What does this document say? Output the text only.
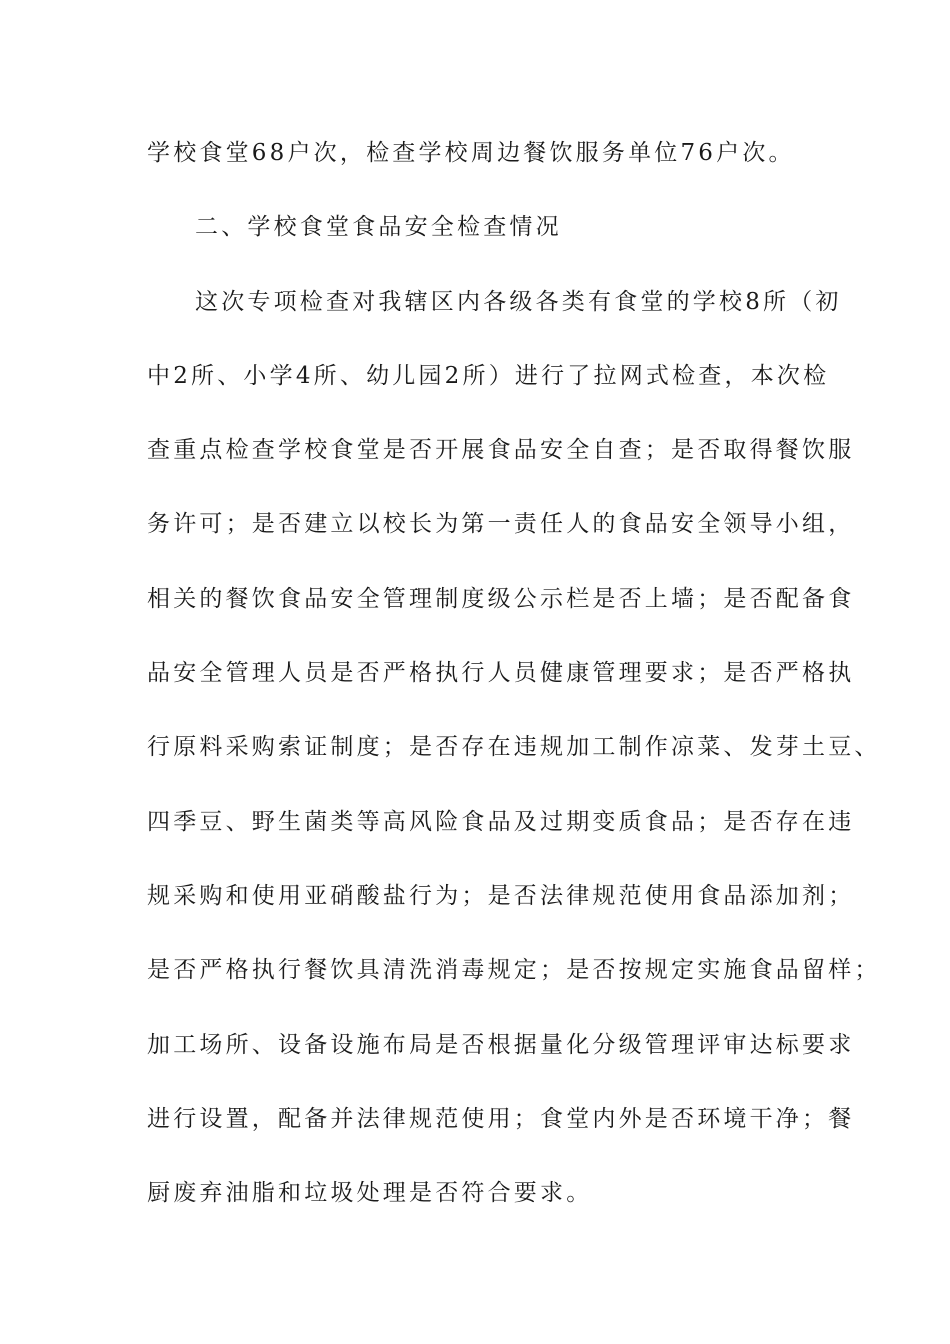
学校食堂68户次，检查学校周边餐饮服务单位76户次。
二、学校食堂食品安全检查情况
这次专项检查对我辖区内各级各类有食堂的学校8所（初
中2所、小学4所、幼儿园2所）进行了拉网式检查，本次检
查重点检查学校食堂是否开展食品安全自查；是否取得餐饮服
务许可；是否建立以校长为第一责任人的食品安全领导小组，
相关的餐饮食品安全管理制度级公示栏是否上墙；是否配备食
品安全管理人员是否严格执行人员健康管理要求；是否严格执
行原料采购索证制度；是否存在违规加工制作凉菜、发芽土豆、
四季豆、野生菌类等高风险食品及过期变质食品；是否存在违
规采购和使用亚硝酸盐行为；是否法律规范使用食品添加剂；
是否严格执行餐饮具清洗消毒规定；是否按规定实施食品留样；
加工场所、设备设施布局是否根据量化分级管理评审达标要求
进行设置，配备并法律规范使用；食堂内外是否环境干净；餐
厨废弃油脂和垃圾处理是否符合要求。
